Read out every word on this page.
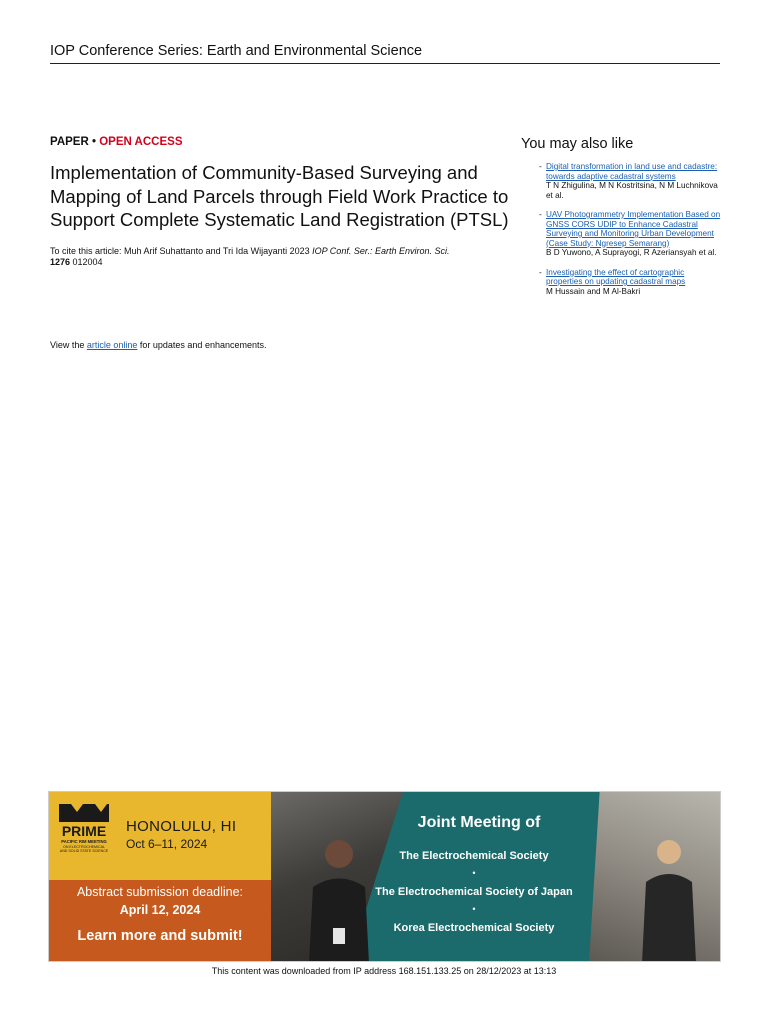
IOP Conference Series: Earth and Environmental Science
PAPER • OPEN ACCESS
Implementation of Community-Based Surveying and Mapping of Land Parcels through Field Work Practice to Support Complete Systematic Land Registration (PTSL)
To cite this article: Muh Arif Suhattanto and Tri Ida Wijayanti 2023 IOP Conf. Ser.: Earth Environ. Sci.
1276 012004
View the article online for updates and enhancements.
You may also like
- Digital transformation in land use and cadastre: towards adaptive cadastral systems
T N Zhigulina, M N Kostritsina, N M Luchnikova et al.
- UAV Photogrammetry Implementation Based on GNSS CORS UDIP to Enhance Cadastral Surveying and Monitoring Urban Development (Case Study: Ngresep Semarang)
B D Yuwono, A Suprayogi, R Azeriansyah et al.
- Investigating the effect of cartographic properties on updating cadastral maps
M Hussain and M Al-Bakri
PRIME
PACIFIC RIM MEETING
ON ELECTROCHEMICAL
AND SOLID STATE SCIENCE
HONOLULU, HI
Oct 6–11, 2024
Abstract submission deadline:
April 12, 2024
Learn more and submit!
Joint Meeting of
The Electrochemical Society
•
The Electrochemical Society of Japan
•
Korea Electrochemical Society
This content was downloaded from IP address 168.151.133.25 on 28/12/2023 at 13:13
